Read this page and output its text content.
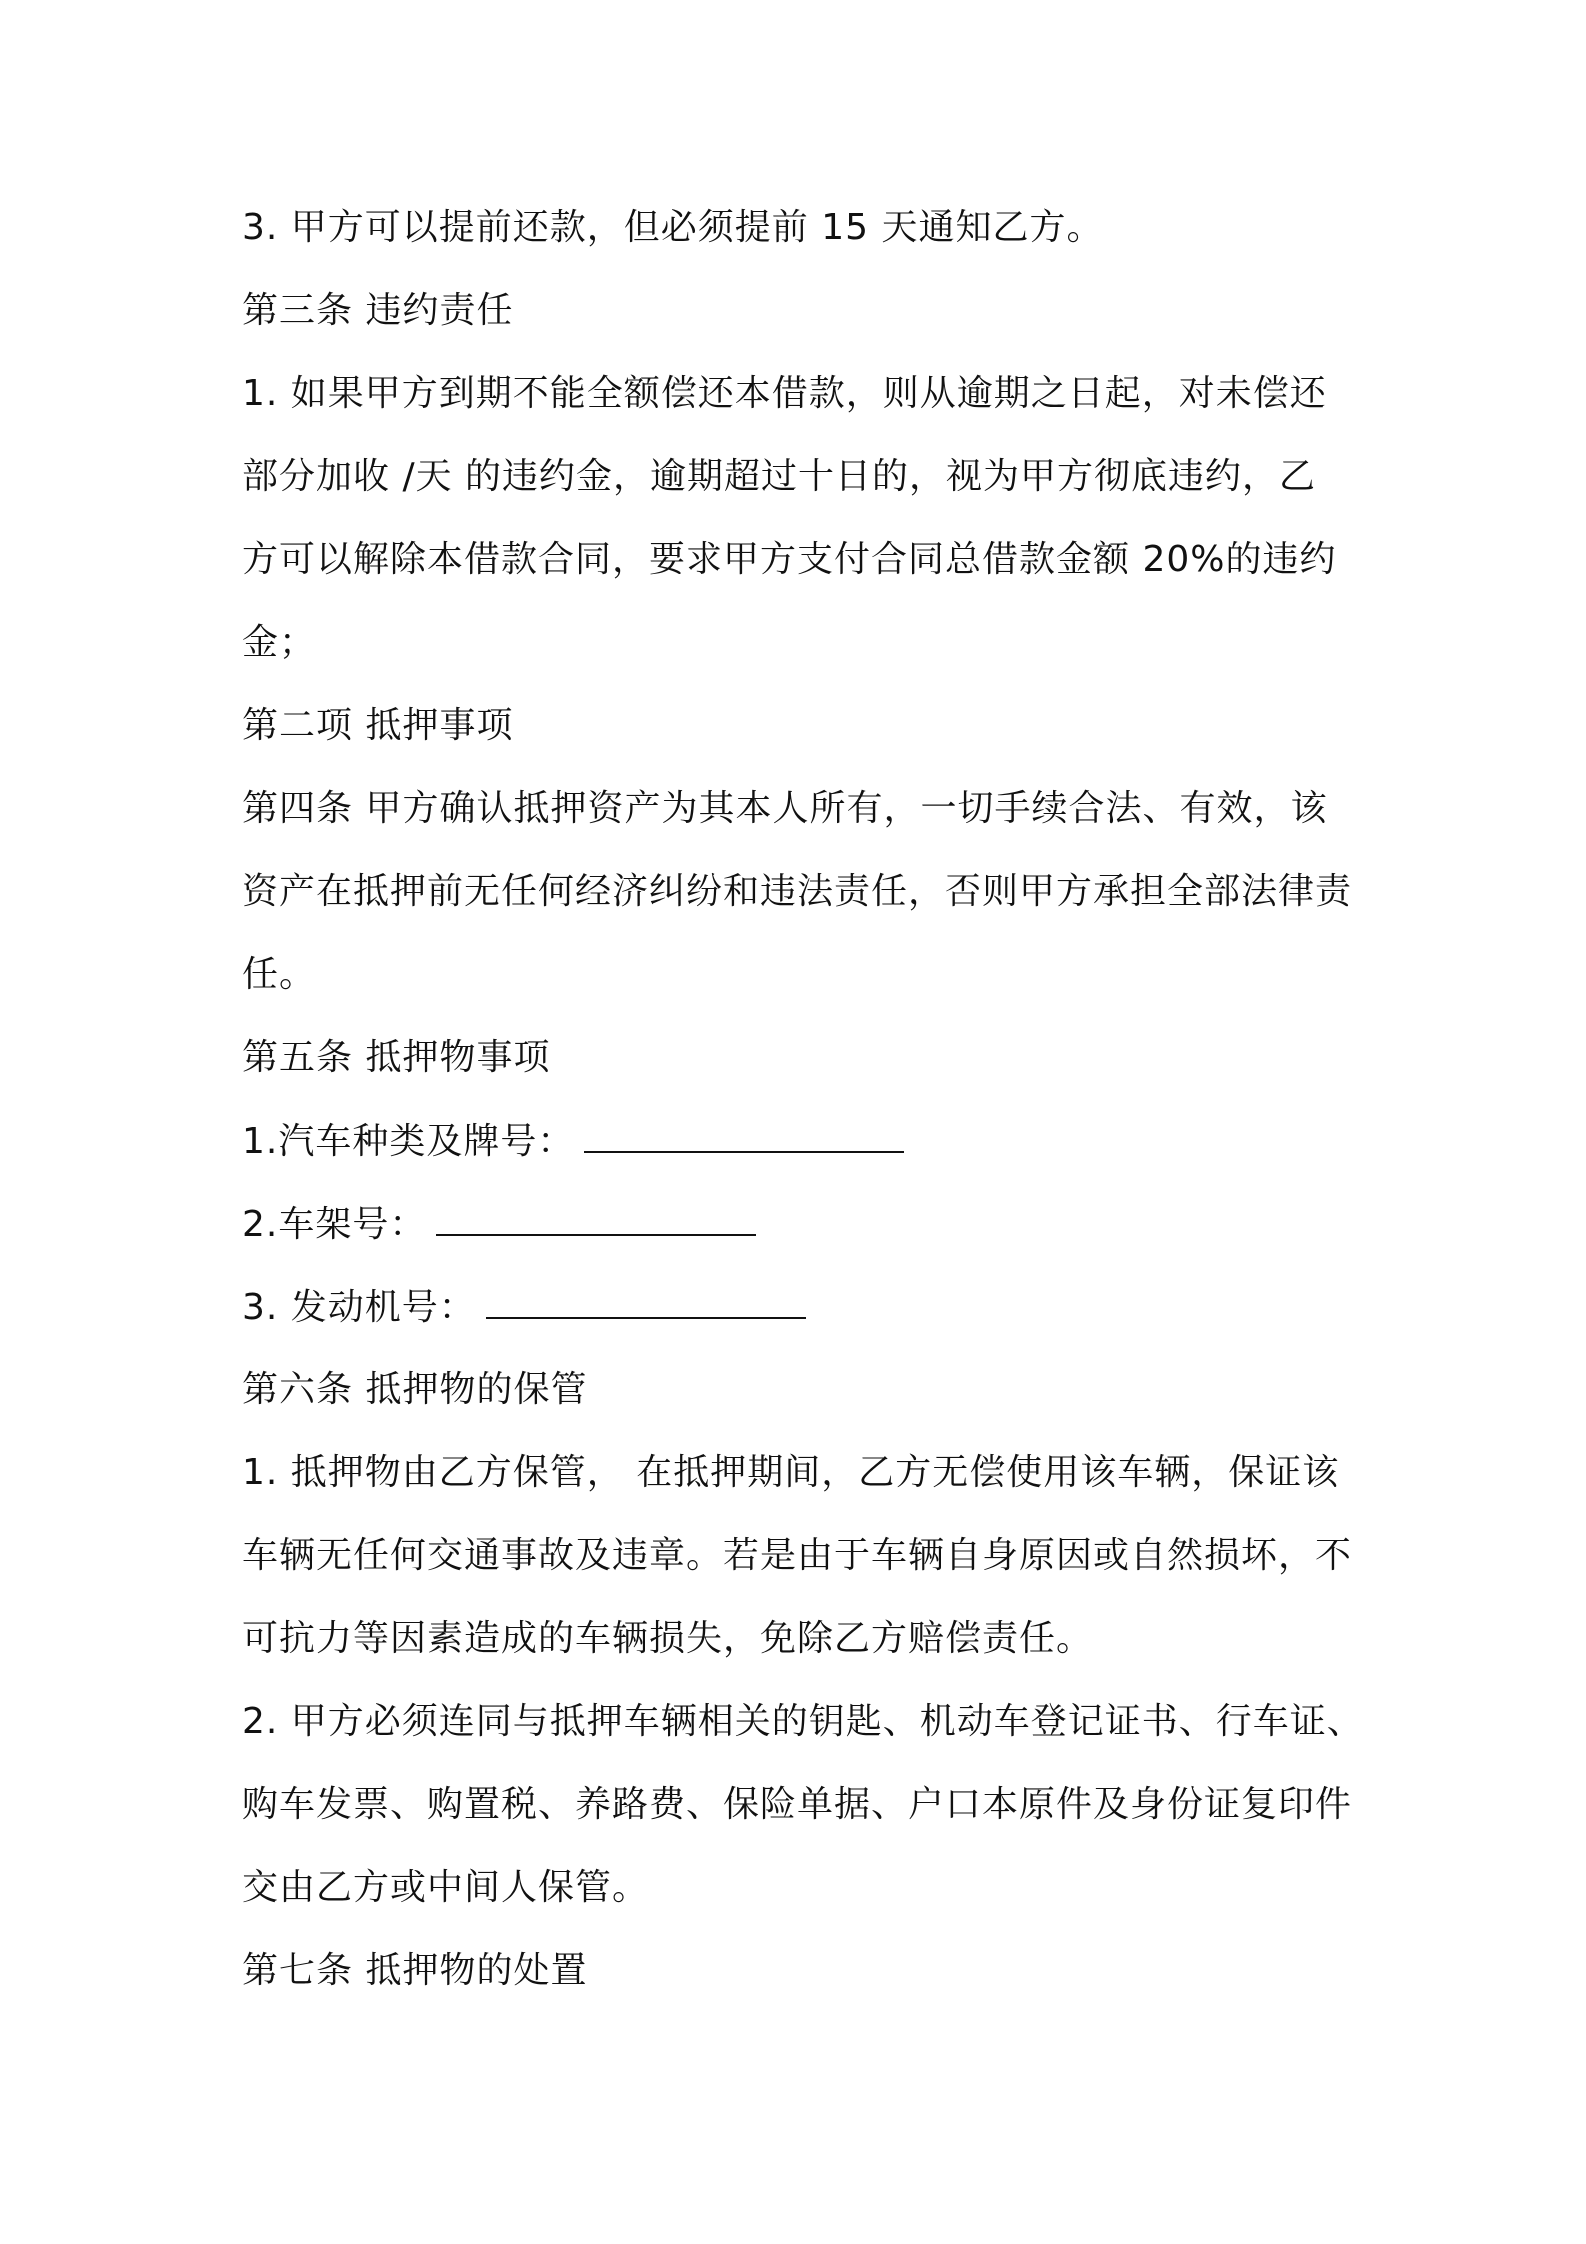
3. 甲方可以提前还款，但必须提前 15 天通知乙方。

第三条 违约责任

1. 如果甲方到期不能全额偿还本借款，则从逾期之日起，对未偿还

部分加收 /天 的违约金，逾期超过十日的，视为甲方彻底违约，乙

方可以解除本借款合同，要求甲方支付合同总借款金额 20%的违约

金；

第二项 抵押事项

第四条 甲方确认抵押资产为其本人所有，一切手续合法、有效，该

资产在抵押前无任何经济纠纷和违法责任，否则甲方承担全部法律责

任。

第五条 抵押物事项

1.汽车种类及牌号：
2.车架号：
3. 发动机号：

第六条 抵押物的保管

1. 抵押物由乙方保管， 在抵押期间，乙方无偿使用该车辆，保证该

车辆无任何交通事故及违章。若是由于车辆自身原因或自然损坏，不

可抗力等因素造成的车辆损失，免除乙方赔偿责任。

2. 甲方必须连同与抵押车辆相关的钥匙、机动车登记证书、行车证、

购车发票、购置税、养路费、保险单据、户口本原件及身份证复印件

交由乙方或中间人保管。

第七条 抵押物的处置
